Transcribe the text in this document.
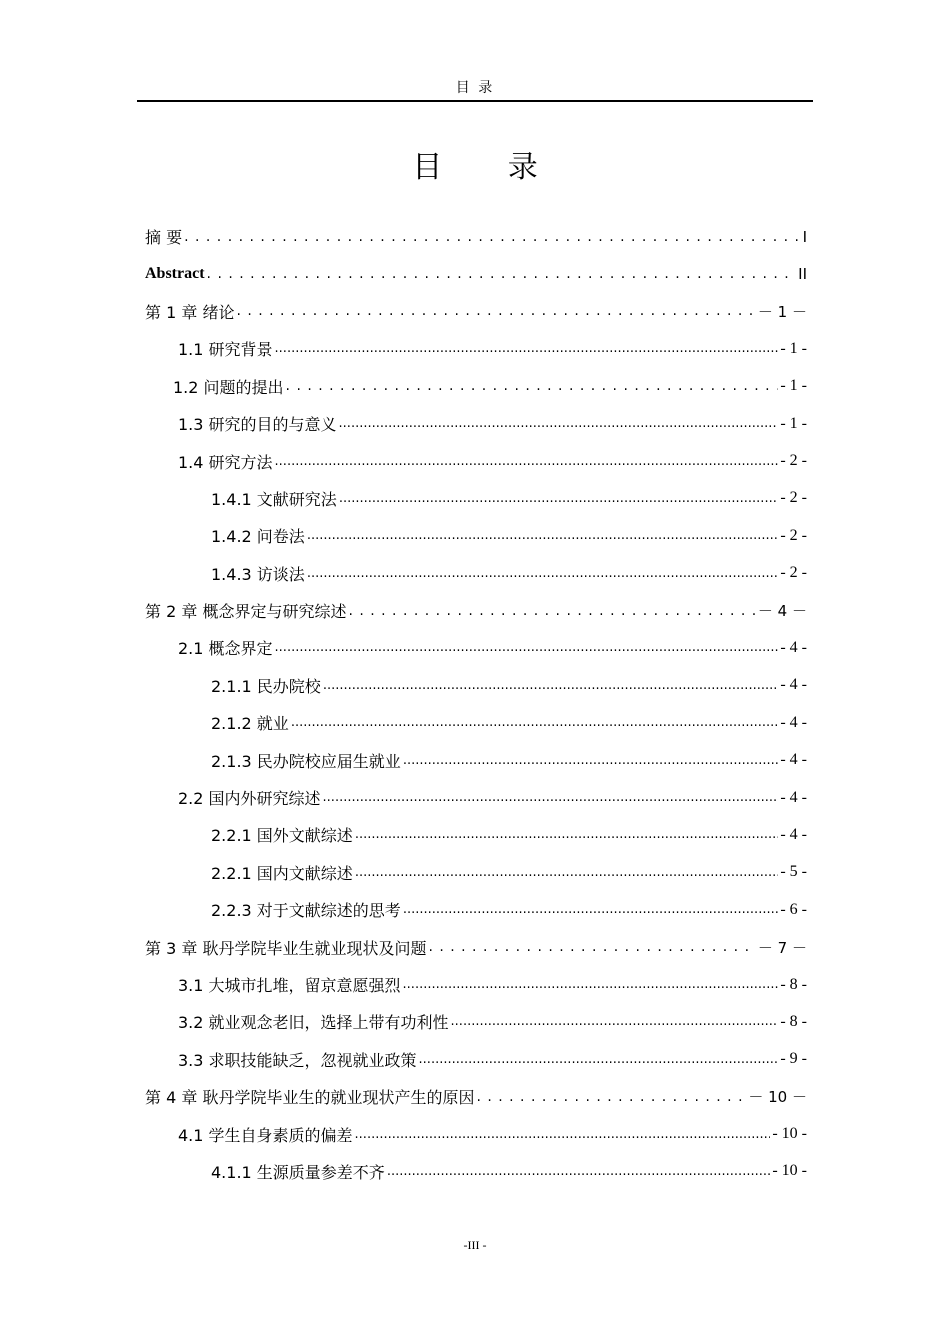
目 录
目 录
摘 要 . . .	I
Abstract . . .	II
第 1 章 绪论 . . .	－ 1 －
1.1 研究背景 .....	- 1 -
1.2 问题的提出 . . .	- 1 -
1.3 研究的目的与意义 .....	- 1 -
1.4 研究方法 .....	- 2 -
1.4.1 文献研究法 .....	- 2 -
1.4.2 问卷法 .....	- 2 -
1.4.3 访谈法 .....	- 2 -
第 2 章 概念界定与研究综述 . . .	－ 4 －
2.1 概念界定 .....	- 4 -
2.1.1 民办院校 .....	- 4 -
2.1.2 就业 .....	- 4 -
2.1.3 民办院校应届生就业 .....	- 4 -
2.2 国内外研究综述 .....	- 4 -
2.2.1 国外文献综述 .....	- 4 -
2.2.1 国内文献综述 .....	- 5 -
2.2.3 对于文献综述的思考 .....	- 6 -
第 3 章 耿丹学院毕业生就业现状及问题 . . .	－ 7 －
3.1 大城市扎堆，留京意愿强烈 .....	- 8 -
3.2 就业观念老旧，选择上带有功利性 .....	- 8 -
3.3 求职技能缺乏，忽视就业政策 .....	- 9 -
第 4 章 耿丹学院毕业生的就业现状产生的原因 . . .	－ 10 －
4.1 学生自身素质的偏差 .....	- 10 -
4.1.1 生源质量参差不齐 .....	- 10 -
-III -
